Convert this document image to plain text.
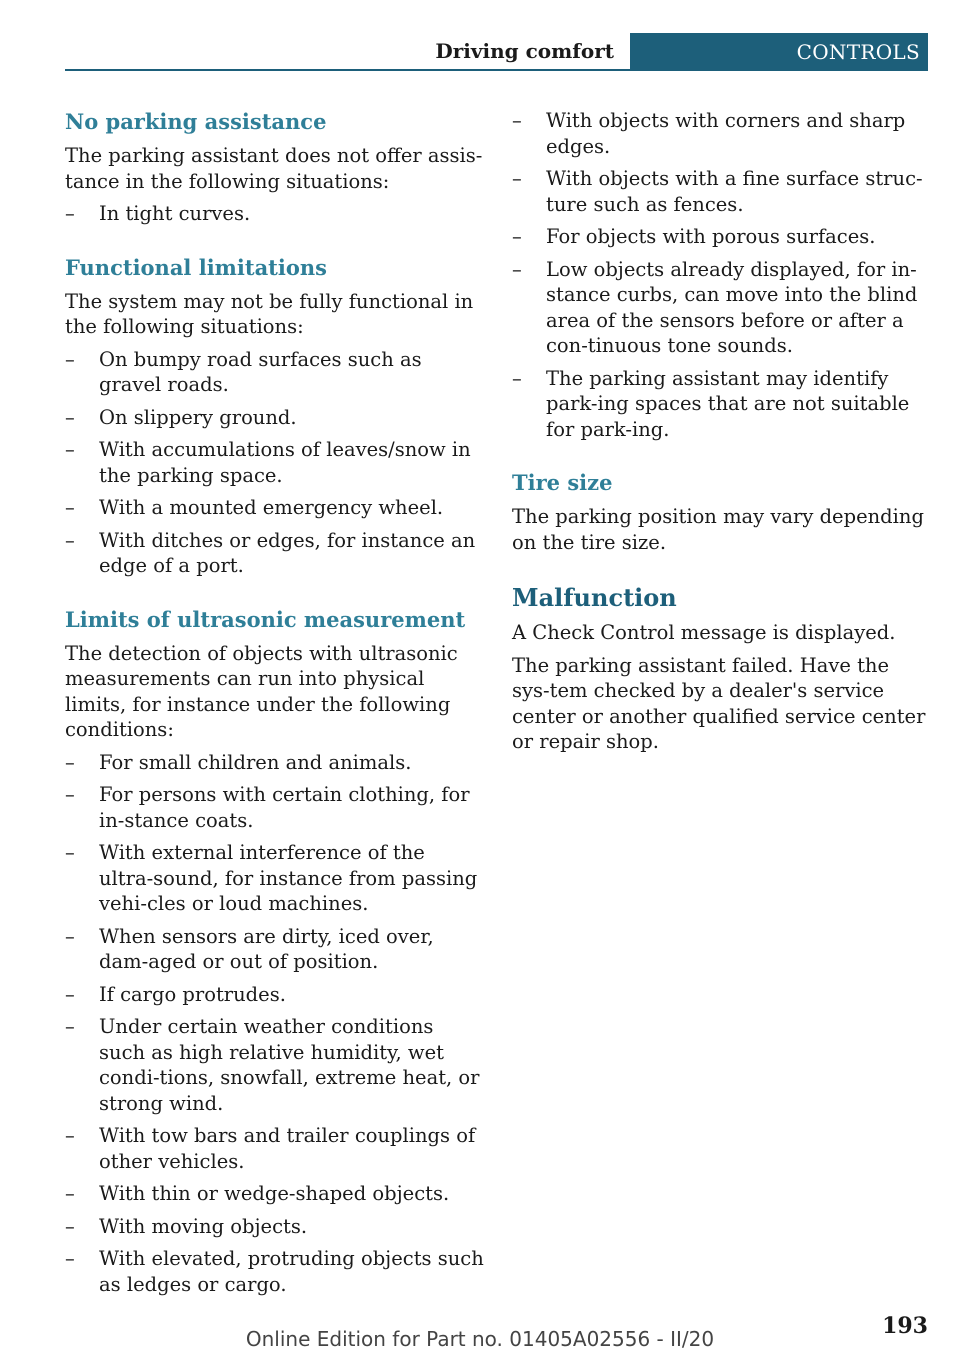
Driving comfort	CONTROLS
No parking assistance

The parking assistant does not offer assis-tance in the following situations:

– In tight curves.
Functional limitations

The system may not be fully functional in the following situations:

– On bumpy road surfaces such as gravel roads.
– On slippery ground.
– With accumulations of leaves/snow in the parking space.
– With a mounted emergency wheel.
– With ditches or edges, for instance an edge of a port.
Limits of ultrasonic measurement

The detection of objects with ultrasonic measurements can run into physical limits, for instance under the following conditions:

– For small children and animals.
– For persons with certain clothing, for in-stance coats.
– With external interference of the ultra-sound, for instance from passing vehi-cles or loud machines.
– When sensors are dirty, iced over, dam-aged or out of position.
– If cargo protrudes.
– Under certain weather conditions such as high relative humidity, wet condi-tions, snowfall, extreme heat, or strong wind.
– With tow bars and trailer couplings of other vehicles.
– With thin or wedge-shaped objects.
– With moving objects.
– With elevated, protruding objects such as ledges or cargo.
– With objects with corners and sharp edges.
– With objects with a fine surface struc-ture such as fences.
– For objects with porous surfaces.
– Low objects already displayed, for in-stance curbs, can move into the blind area of the sensors before or after a con-tinuous tone sounds.
– The parking assistant may identify park-ing spaces that are not suitable for park-ing.
Tire size

The parking position may vary depending on the tire size.

Malfunction

A Check Control message is displayed.

The parking assistant failed. Have the sys-tem checked by a dealer's service center or another qualified service center or repair shop.

193
Online Edition for Part no. 01405A02556 - II/20
